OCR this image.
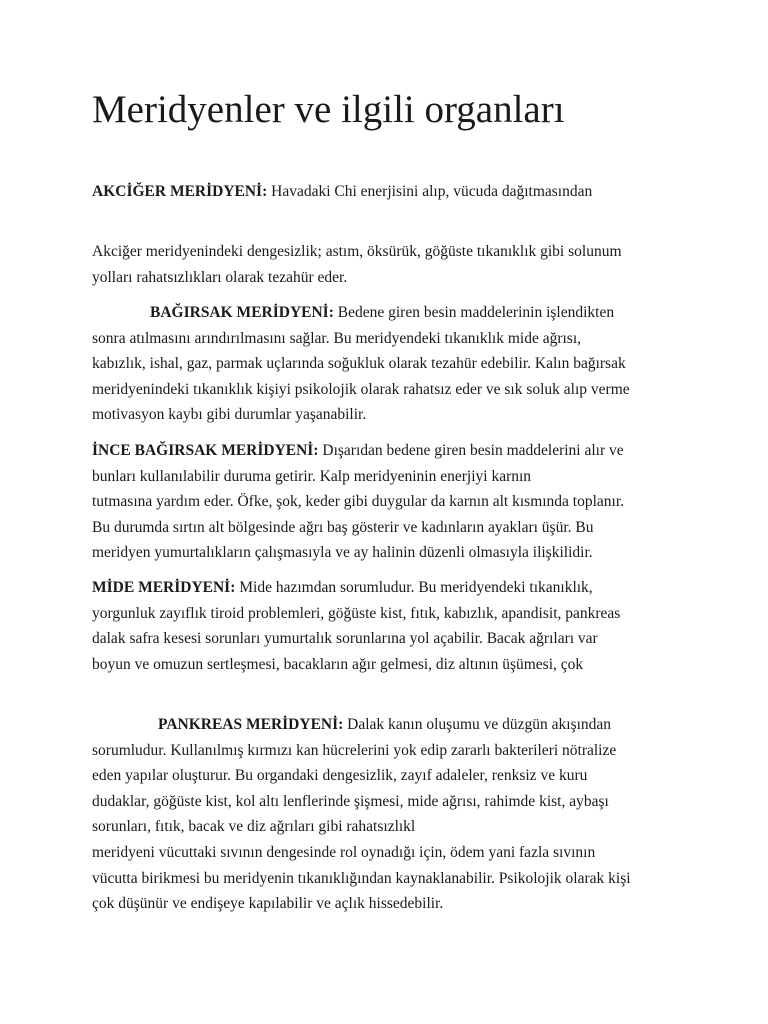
Meridyenler ve ilgili organları

AKCİĞER MERİDYENİ: Havadaki Chi enerjisini alıp, vücuda dağıtmasından

Akciğer meridyenindeki dengesizlik; astım, öksürük, göğüste tıkanıklık gibi solunum
yolları rahatsızlıkları olarak tezahür eder.

BAĞIRSAK MERİDYENİ: Bedene giren besin maddelerinin işlendikten
sonra atılmasını arındırılmasını sağlar. Bu meridyendeki tıkanıklık mide ağrısı,
kabızlık, ishal, gaz, parmak uçlarında soğukluk olarak tezahür edebilir. Kalın bağırsak
meridyenindeki tıkanıklık kişiyi psikolojik olarak rahatsız eder ve sık soluk alıp verme
motivasyon kaybı gibi durumlar yaşanabilir.

İNCE BAĞIRSAK MERİDYENİ: Dışarıdan bedene giren besin maddelerini alır ve
bunları kullanılabilir duruma getirir. Kalp meridyeninin enerjiyi karnın
tutmasına yardım eder. Öfke, şok, keder gibi duygular da karnın alt kısmında toplanır.
Bu durumda sırtın alt bölgesinde ağrı baş gösterir ve kadınların ayakları üşür. Bu
meridyen yumurtalıkların çalışmasıyla ve ay halinin düzenli olmasıyla ilişkilidir.

MİDE MERİDYENİ: Mide hazımdan sorumludur. Bu meridyendeki tıkanıklık,
yorgunluk zayıflık tiroid problemleri, göğüste kist, fıtık, kabızlık, apandisit, pankreas
dalak safra kesesi sorunları yumurtalık sorunlarına yol açabilir. Bacak ağrıları var
boyun ve omuzun sertleşmesi, bacakların ağır gelmesi, diz altının üşümesi, çok

PANKREAS MERİDYENİ: Dalak kanın oluşumu ve düzgün akışından
sorumludur. Kullanılmış kırmızı kan hücrelerini yok edip zararlı bakterileri nötralize
eden yapılar oluşturur. Bu organdaki dengesizlik, zayıf adaleler, renksiz ve kuru
dudaklar, göğüste kist, kol altı lenflerinde şişmesi, mide ağrısı, rahimde kist, aybaşı
sorunları, fıtık, bacak ve diz ağrıları gibi rahatsızlıkl
meridyeni vücuttaki sıvının dengesinde rol oynadığı için, ödem yani fazla sıvının
vücutta birikmesi bu meridyenin tıkanıklığından kaynaklanabilir. Psikolojik olarak kişi
çok düşünür ve endişeye kapılabilir ve açlık hissedebilir.
